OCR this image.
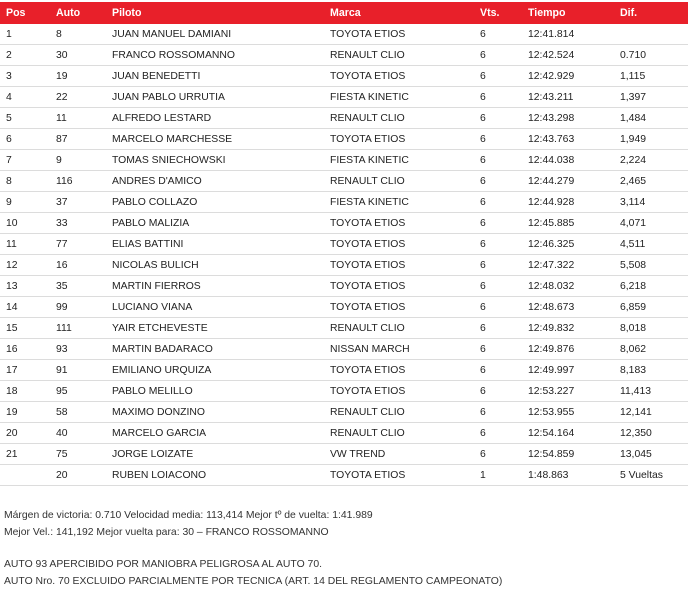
Pos	Auto	Piloto	Marca	Vts.	Tiempo	Dif.
1	8	JUAN MANUEL DAMIANI	TOYOTA ETIOS	6	12:41.814	
2	30	FRANCO ROSSOMANNO	RENAULT CLIO	6	12:42.524	0.710
3	19	JUAN BENEDETTI	TOYOTA ETIOS	6	12:42.929	1,115
4	22	JUAN PABLO URRUTIA	FIESTA KINETIC	6	12:43.211	1,397
5	11	ALFREDO LESTARD	RENAULT CLIO	6	12:43.298	1,484
6	87	MARCELO MARCHESSE	TOYOTA ETIOS	6	12:43.763	1,949
7	9	TOMAS SNIECHOWSKI	FIESTA KINETIC	6	12:44.038	2,224
8	116	ANDRES D'AMICO	RENAULT CLIO	6	12:44.279	2,465
9	37	PABLO COLLAZO	FIESTA KINETIC	6	12:44.928	3,114
10	33	PABLO MALIZIA	TOYOTA ETIOS	6	12:45.885	4,071
11	77	ELIAS BATTINI	TOYOTA ETIOS	6	12:46.325	4,511
12	16	NICOLAS BULICH	TOYOTA ETIOS	6	12:47.322	5,508
13	35	MARTIN FIERROS	TOYOTA ETIOS	6	12:48.032	6,218
14	99	LUCIANO VIANA	TOYOTA ETIOS	6	12:48.673	6,859
15	111	YAIR ETCHEVESTE	RENAULT CLIO	6	12:49.832	8,018
16	93	MARTIN BADARACO	NISSAN MARCH	6	12:49.876	8,062
17	91	EMILIANO URQUIZA	TOYOTA ETIOS	6	12:49.997	8,183
18	95	PABLO MELILLO	TOYOTA ETIOS	6	12:53.227	11,413
19	58	MAXIMO DONZINO	RENAULT CLIO	6	12:53.955	12,141
20	40	MARCELO GARCIA	RENAULT CLIO	6	12:54.164	12,350
21	75	JORGE LOIZATE	VW TREND	6	12:54.859	13,045
	20	RUBEN LOIACONO	TOYOTA ETIOS	1	1:48.863	5 Vueltas

Márgen de victoria: 0.710 Velocidad media: 113,414 Mejor tº de vuelta: 1:41.989

Mejor Vel.: 141,192 Mejor vuelta para: 30 – FRANCO ROSSOMANNO

AUTO 93 APERCIBIDO POR MANIOBRA PELIGROSA AL AUTO 70.

AUTO Nro. 70 EXCLUIDO PARCIALMENTE POR TECNICA (ART. 14 DEL REGLAMENTO CAMPEONATO)
